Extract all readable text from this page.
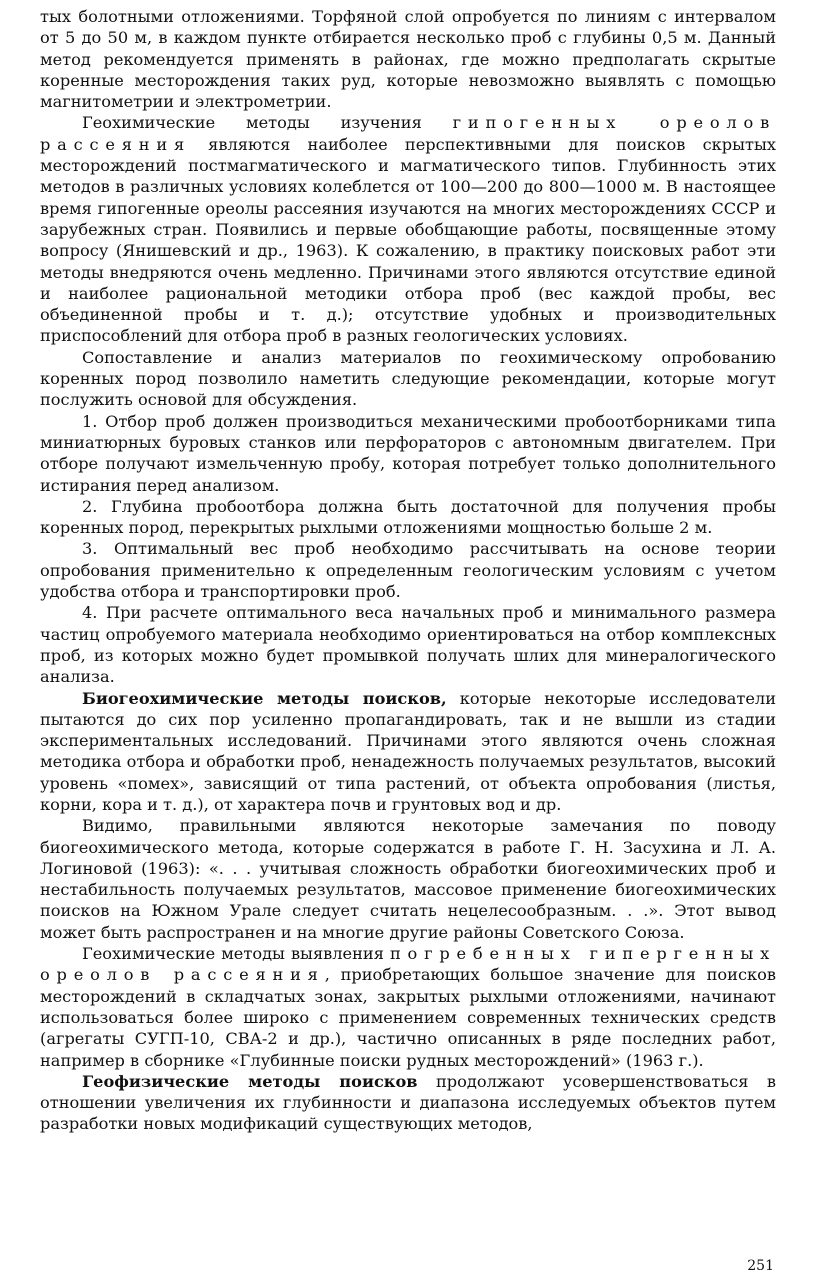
тых болотными отложениями. Торфяной слой опробуется по линиям с интервалом от 5 до 50 м, в каждом пункте отбирается несколько проб с глубины 0,5 м. Данный метод рекомендуется применять в районах, где можно предполагать скрытые коренные месторождения таких руд, которые невозможно выявлять с помощью магнитометрии и электрометрии.

Геохимические методы изучения гипогенных ореолов рассеяния являются наиболее перспективными для поисков скрытых месторождений постмагматического и магматического типов. Глубинность этих методов в различных условиях колеблется от 100—200 до 800—1000 м. В настоящее время гипогенные ореолы рассеяния изучаются на многих месторождениях СССР и зарубежных стран. Появились и первые обобщающие работы, посвященные этому вопросу (Янишевский и др., 1963). К сожалению, в практику поисковых работ эти методы внедряются очень медленно. Причинами этого являются отсутствие единой и наиболее рациональной методики отбора проб (вес каждой пробы, вес объединенной пробы и т. д.); отсутствие удобных и производительных приспособлений для отбора проб в разных геологических условиях.

Сопоставление и анализ материалов по геохимическому опробованию коренных пород позволило наметить следующие рекомендации, которые могут послужить основой для обсуждения.

1. Отбор проб должен производиться механическими пробоотборниками типа миниатюрных буровых станков или перфораторов с автономным двигателем. При отборе получают измельченную пробу, которая потребует только дополнительного истирания перед анализом.

2. Глубина пробоотбора должна быть достаточной для получения пробы коренных пород, перекрытых рыхлыми отложениями мощностью больше 2 м.

3. Оптимальный вес проб необходимо рассчитывать на основе теории опробования применительно к определенным геологическим условиям с учетом удобства отбора и транспортировки проб.

4. При расчете оптимального веса начальных проб и минимального размера частиц опробуемого материала необходимо ориентироваться на отбор комплексных проб, из которых можно будет промывкой получать шлих для минералогического анализа.

Биогеохимические методы поисков, которые некоторые исследователи пытаются до сих пор усиленно пропагандировать, так и не вышли из стадии экспериментальных исследований. Причинами этого являются очень сложная методика отбора и обработки проб, ненадежность получаемых результатов, высокий уровень «помех», зависящий от типа растений, от объекта опробования (листья, корни, кора и т. д.), от характера почв и грунтовых вод и др.

Видимо, правильными являются некоторые замечания по поводу биогеохимического метода, которые содержатся в работе Г. Н. Засухина и Л. А. Логиновой (1963): «. . . учитывая сложность обработки биогеохимических проб и нестабильность получаемых результатов, массовое применение биогеохимических поисков на Южном Урале следует считать нецелесообразным. . .». Этот вывод может быть распространен и на многие другие районы Советского Союза.

Геохимические методы выявления погребенных гипергенных ореолов рассеяния, приобретающих большое значение для поисков месторождений в складчатых зонах, закрытых рыхлыми отложениями, начинают использоваться более широко с применением современных технических средств (агрегаты СУГП-10, СВА-2 и др.), частично описанных в ряде последних работ, например в сборнике «Глубинные поиски рудных месторождений» (1963 г.).

Геофизические методы поисков продолжают усовершенствоваться в отношении увеличения их глубинности и диапазона исследуемых объектов путем разработки новых модификаций существующих методов,

251
